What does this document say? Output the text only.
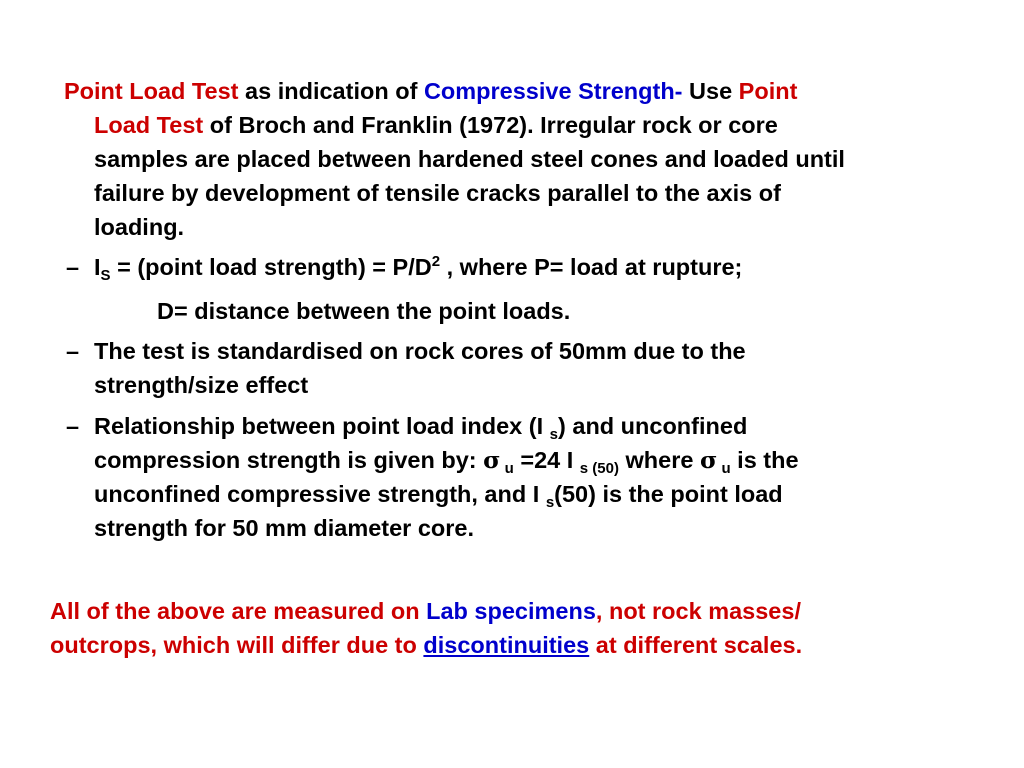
Point Load Test as indication of Compressive Strength- Use Point
Load Test of Broch and Franklin (1972). Irregular rock or core
samples are placed between hardened steel cones and loaded until
failure by development of tensile cracks parallel to the axis of
loading.
– $I_S$ = (point load strength) = $P/D^2$ , where P= load at rupture;
D= distance between the point loads.
– The test is standardised on rock cores of 50mm due to the
strength/size effect
– Relationship between point load index (I $_s$) and unconfined
compression strength is given by: σ $_u$ =24 I $_{s (50)}$ where σ $_u$ is the
unconfined compressive strength, and I $_s$(50) is the point load
strength for 50 mm diameter core.
All of the above are measured on Lab specimens, not rock masses/
outcrops, which will differ due to discontinuities at different scales.
